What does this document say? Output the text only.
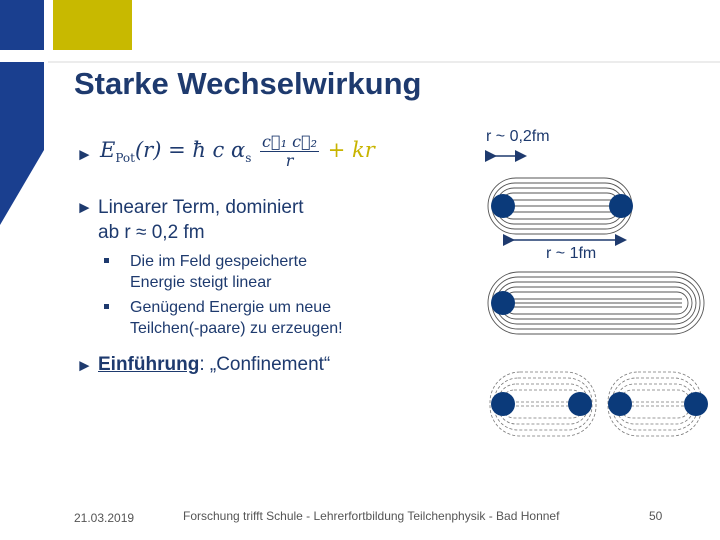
Starke Wechselwirkung
► $E_{Pot}(r)$ = ħ c $\alpha_s \frac{\text{c⃗₁ c⃗₂}}{r}$ + kr
► Linearer Term, dominiert
ab r ≈ 0,2 fm
Die im Feld gespeicherte
Energie steigt linear
Genügend Energie um neue
Teilchen(-paare) zu erzeugen!
► Einführung: „Confinement“
r ~ 0,2fm
r ~ 1fm
21.03.2019	Forschung trifft Schule - Lehrerfortbildung Teilchenphysik - Bad Honnef	50
